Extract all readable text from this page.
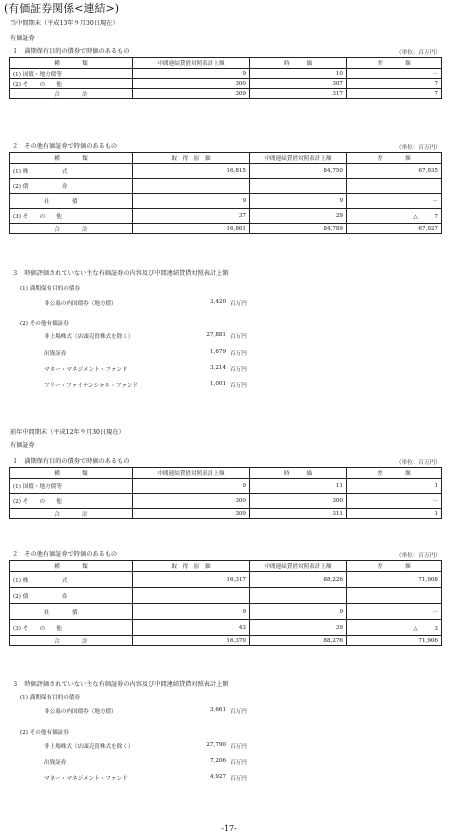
(有価証券関係<連結>)
当中間期末（平成13年９月30日現在）
有価証券
１　満期保有目的の債券で時価のあるもの	（単位：百万円）
種　　　　類	中間連結貸借対照表計上額	時　　　価	差　　　　額
(1) 国債・地方債等	9	10	－
(2) そ　　の　　他	300	307	7
合　　　　計	309	317	7
２　その他有価証券で時価のあるもの	（単位：百万円）
種　　　　類	取　得　原　価	中間連結貸借対照表計上額	差　　　　額
(1) 株　　　　　　式	16,815	84,750	67,935
(2) 債　　　　　　券			
社　　　　債	9	9	－
(3) そ　　の　　他	37	29	△　　　7
合　　　　計	16,861	84,789	67,927
３　時価評価されていない主な有価証券の内容及び中間連結貸借対照表計上額
(1) 満期保有目的の債券
非公募の内国債券（地方債）	3,420 百万円
(2) その他有価証券
非上場株式（店頭売買株式を除く）	27,881 百万円
出資証券	1,679 百万円
マネー・マネジメント・ファンド	3,214 百万円
フリー・ファイナンシャル・ファンド	1,001 百万円
前年中間期末（平成12年９月30日現在）
有価証券
１　満期保有目的の債券で時価のあるもの	（単位：百万円）
種　　　　類	中間連結貸借対照表計上額	時　　　価	差　　　　額
(1) 国債・地方債等	9	11	1
(2) そ　　の　　他	300	300	－
合　　　　計	309	311	1
２　その他有価証券で時価のあるもの	（単位：百万円）
種　　　　類	取　得　原　価	中間連結貸借対照表計上額	差　　　　額
(1) 株　　　　　　式	16,317	88,226	71,908
(2) 債　　　　　　券			
社　　　　債	9	9	－
(3) そ　　の　　他	43	39	△　　　3
合　　　　計	16,370	88,276	71,906
３　時価評価されていない主な有価証券の内容及び中間連結貸借対照表計上額
(1) 満期保有目的の債券
非公募の内国債券（地方債）	3,661 百万円
(2) その他有価証券
非上場株式（店頭売買株式を除く）	27,790 百万円
出資証券	7,206 百万円
マネー・マネジメント・ファンド	4,927 百万円
-17-
